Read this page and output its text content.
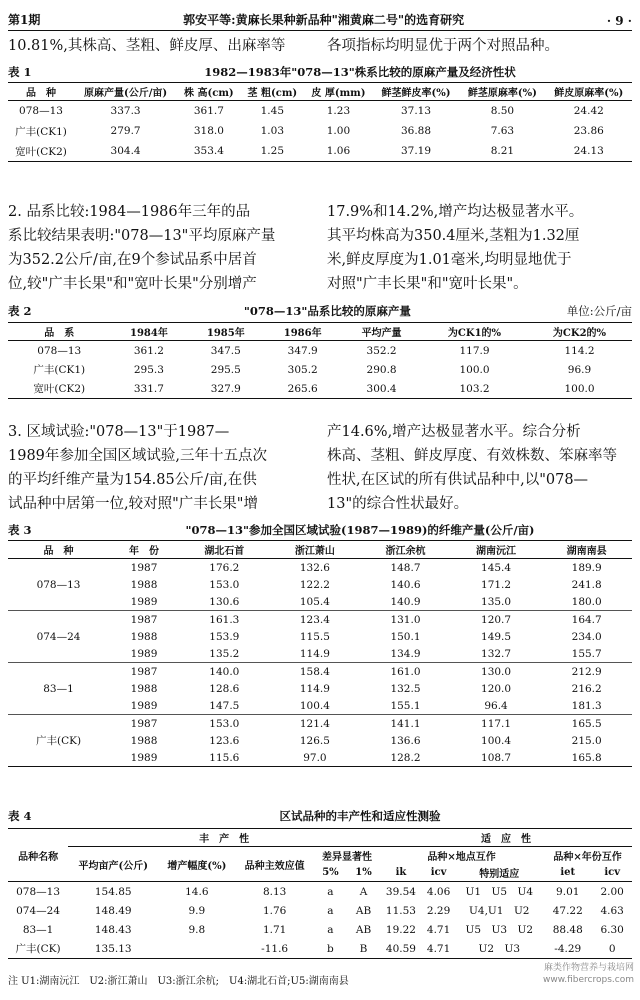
第1期	郭安平等:黄麻长果种新品种"湘黄麻二号"的选育研究	· 9 ·
10.81%,其株高、茎粗、鲜皮厚、出麻率等	各项指标均明显优于两个对照品种。
表 1	1982—1983年"078—13"株系比较的原麻产量及经济性状
品　种	原麻产量(公斤/亩)	株 高(cm)	茎 粗(cm)	皮 厚(mm)	鲜茎鲜皮率(%)	鲜茎原麻率(%)	鲜皮原麻率(%)
078—13	337.3	361.7	1.45	1.23	37.13	8.50	24.42
广丰(CK1)	279.7	318.0	1.03	1.00	36.88	7.63	23.86
宽叶(CK2)	304.4	353.4	1.25	1.06	37.19	8.21	24.13
2. 品系比较:1984—1986年三年的品
系比较结果表明:"078—13"平均原麻产量
为352.2公斤/亩,在9个参试品系中居首
位,较"广丰长果"和"宽叶长果"分别增产
17.9%和14.2%,增产均达极显著水平。
其平均株高为350.4厘米,茎粗为1.32厘
米,鲜皮厚度为1.01毫米,均明显地优于
对照"广丰长果"和"宽叶长果"。
表 2	"078—13"品系比较的原麻产量	单位:公斤/亩
品　系	1984年	1985年	1986年	平均产量	为CK1的%	为CK2的%
078—13	361.2	347.5	347.9	352.2	117.9	114.2
广丰(CK1)	295.3	295.5	305.2	290.8	100.0	96.9
宽叶(CK2)	331.7	327.9	265.6	300.4	103.2	100.0
3. 区域试验:"078—13"于1987—
1989年参加全国区域试验,三年十五点次
的平均纤维产量为154.85公斤/亩,在供
试品种中居第一位,较对照"广丰长果"增
产14.6%,增产达极显著水平。综合分析
株高、茎粗、鲜皮厚度、有效株数、笨麻率等
性状,在区试的所有供试品种中,以"078—
13"的综合性状最好。
表 3	"078—13"参加全国区域试验(1987—1989)的纤维产量(公斤/亩)
品　种	年　份	湖北石首	浙江萧山	浙江余杭	湖南沅江	湖南南县
078—13	1987	176.2	132.6	148.7	145.4	189.9
	1988	153.0	122.2	140.6	171.2	241.8
	1989	130.6	105.4	140.9	135.0	180.0
074—24	1987	161.3	123.4	131.0	120.7	164.7
	1988	153.9	115.5	150.1	149.5	234.0
	1989	135.2	114.9	134.9	132.7	155.7
83—1	1987	140.0	158.4	161.0	130.0	212.9
	1988	128.6	114.9	132.5	120.0	216.2
	1989	147.5	100.4	155.1	96.4	181.3
广丰(CK)	1987	153.0	121.4	141.1	117.1	165.5
	1988	123.6	126.5	136.6	100.4	215.0
	1989	115.6	97.0	128.2	108.7	165.8
表 4	区试品种的丰产性和适应性测验
品种名称	丰　产　性					适　应　性				
	平均亩产(公斤)	增产幅度(%)	品种主效应值	差异显著性		品种×地点互作			品种×年份互作	
				5%	1%	ik	icv	特别适应	iet	icv
078—13	154.85	14.6	8.13	a	A	39.54	4.06	U1　U5　U4	9.01	2.00
074—24	148.49	9.9	1.76	a	AB	11.53	2.29	U4,U1　U2	47.22	4.63
83—1	148.43	9.8	1.71	a	AB	19.22	4.71	U5　U3　U2	88.48	6.30
广丰(CK)	135.13		-11.6	b	B	40.59	4.71	U2　U3	-4.29	0
注 U1:湖南沅江　U2:浙江萧山　U3:浙江余杭;　U4:湖北石首;U5:湖南南县
麻类作物营养与栽培网
www.fibercrops.com
